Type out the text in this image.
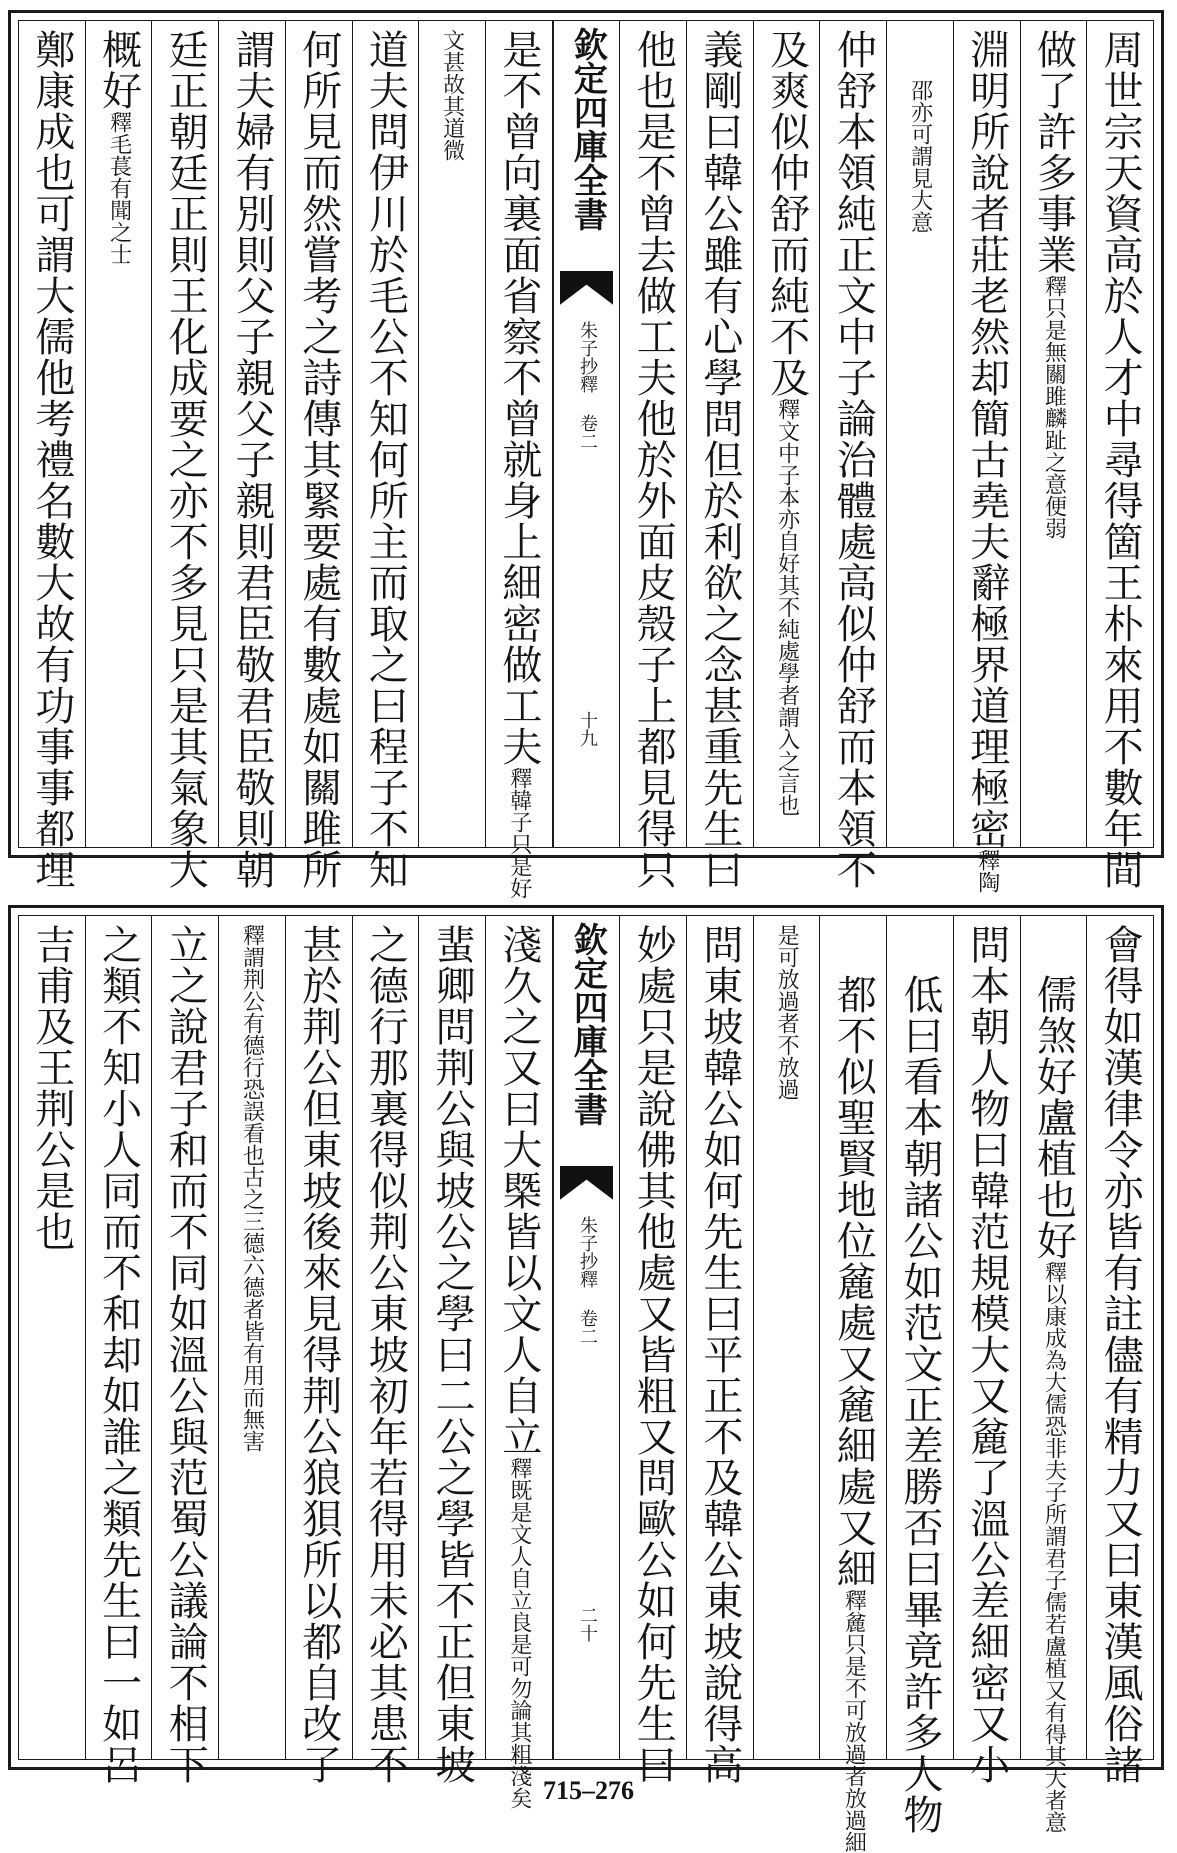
周世宗天資高於人才中尋得箇王朴來用不數年間
做了許多事業釋只是無關雎麟趾之意便弱
淵明所說者莊老然却簡古堯夫辭極界道理極密釋陶
邵亦可謂見大意
仲舒本領純正文中子論治體處高似仲舒而本領不
及爽似仲舒而純不及釋文中子本亦自好其不純處學者謂入之言也
義剛曰韓公雖有心學問但於利欲之念甚重先生曰
他也是不曾去做工夫他於外面皮殼子上都見得只
欽定四庫全書
朱子抄釋 卷二
十九
是不曾向裏面省察不曾就身上細密做工夫釋韓子只是好
文甚故其道微
道夫問伊川於毛公不知何所主而取之曰程子不知
何所見而然嘗考之詩傳其緊要處有數處如關雎所
謂夫婦有別則父子親父子親則君臣敬君臣敬則朝
廷正朝廷正則王化成要之亦不多見只是其氣象大
概好釋毛萇有聞之士
鄭康成也可謂大儒他考禮名數大故有功事事都理
會得如漢律令亦皆有註儘有精力又曰東漢風俗諸
儒煞好盧植也好釋以康成為大儒恐非夫子所謂君子儒若盧植又有得其大者意
問本朝人物曰韓范規模大又麄了溫公差細密又小
低曰看本朝諸公如范文正差勝否曰畢竟許多人物
都不似聖賢地位麄處又麄細處又細釋麄只是不可放過者放過細
是可放過者不放過
問東坡韓公如何先生曰平正不及韓公東坡說得高
妙處只是說佛其他處又皆粗又問歐公如何先生曰
欽定四庫全書
朱子抄釋 卷二
二十
淺久之又曰大槩皆以文人自立釋既是文人自立良是可勿論其粗淺矣
蜚卿問荆公與坡公之學曰二公之學皆不正但東坡
之德行那裏得似荆公東坡初年若得用未必其患不
甚於荆公但東坡後來見得荆公狼狽所以都自改了
釋謂荆公有德行恐誤看也古之三德六德者皆有用而無害
立之說君子和而不同如溫公與范蜀公議論不相下
之類不知小人同而不和却如誰之類先生曰一如呂
吉甫及王荆公是也
715–276
